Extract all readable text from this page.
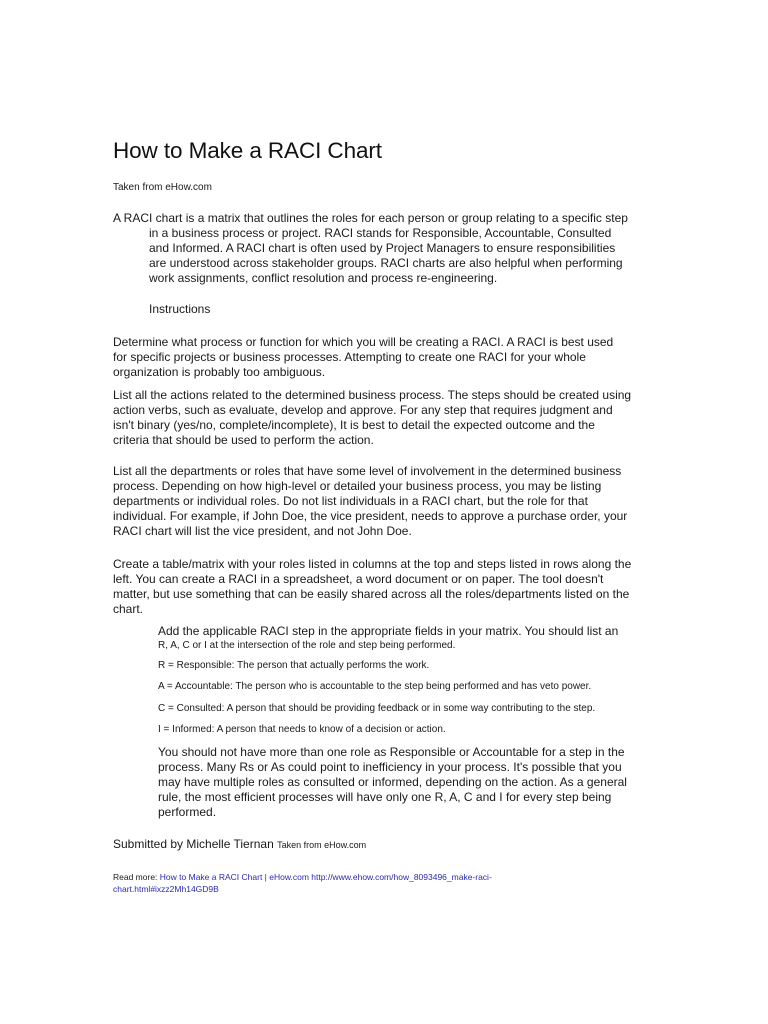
How to Make a RACI Chart
Taken from eHow.com
A RACI chart is a matrix that outlines the roles for each person or group relating to a specific step
in a business process or project. RACI stands for Responsible, Accountable, Consulted
and Informed. A RACI chart is often used by Project Managers to ensure responsibilities
are understood across stakeholder groups. RACI charts are also helpful when performing
work assignments, conflict resolution and process re-engineering.
Instructions
Determine what process or function for which you will be creating a RACI. A RACI is best used
for specific projects or business processes. Attempting to create one RACI for your whole
organization is probably too ambiguous.
List all the actions related to the determined business process. The steps should be created using
action verbs, such as evaluate, develop and approve. For any step that requires judgment and
isn't binary (yes/no, complete/incomplete), It is best to detail the expected outcome and the
criteria that should be used to perform the action.
List all the departments or roles that have some level of involvement in the determined business
process. Depending on how high-level or detailed your business process, you may be listing
departments or individual roles. Do not list individuals in a RACI chart, but the role for that
individual. For example, if John Doe, the vice president, needs to approve a purchase order, your
RACI chart will list the vice president, and not John Doe.
Create a table/matrix with your roles listed in columns at the top and steps listed in rows along the
left. You can create a RACI in a spreadsheet, a word document or on paper. The tool doesn't
matter, but use something that can be easily shared across all the roles/departments listed on the
chart.
Add the applicable RACI step in the appropriate fields in your matrix. You should list an
R, A, C or I at the intersection of the role and step being performed.
R = Responsible: The person that actually performs the work.
A = Accountable: The person who is accountable to the step being performed and has veto power.
C = Consulted: A person that should be providing feedback or in some way contributing to the step.
I = Informed: A person that needs to know of a decision or action.
You should not have more than one role as Responsible or Accountable for a step in the
process. Many Rs or As could point to inefficiency in your process. It's possible that you
may have multiple roles as consulted or informed, depending on the action. As a general
rule, the most efficient processes will have only one R, A, C and I for every step being
performed.
Submitted by Michelle Tiernan Taken from eHow.com
Read more: How to Make a RACI Chart | eHow.com http://www.ehow.com/how_8093496_make-raci-
chart.html#ixzz2Mh14GD9B
